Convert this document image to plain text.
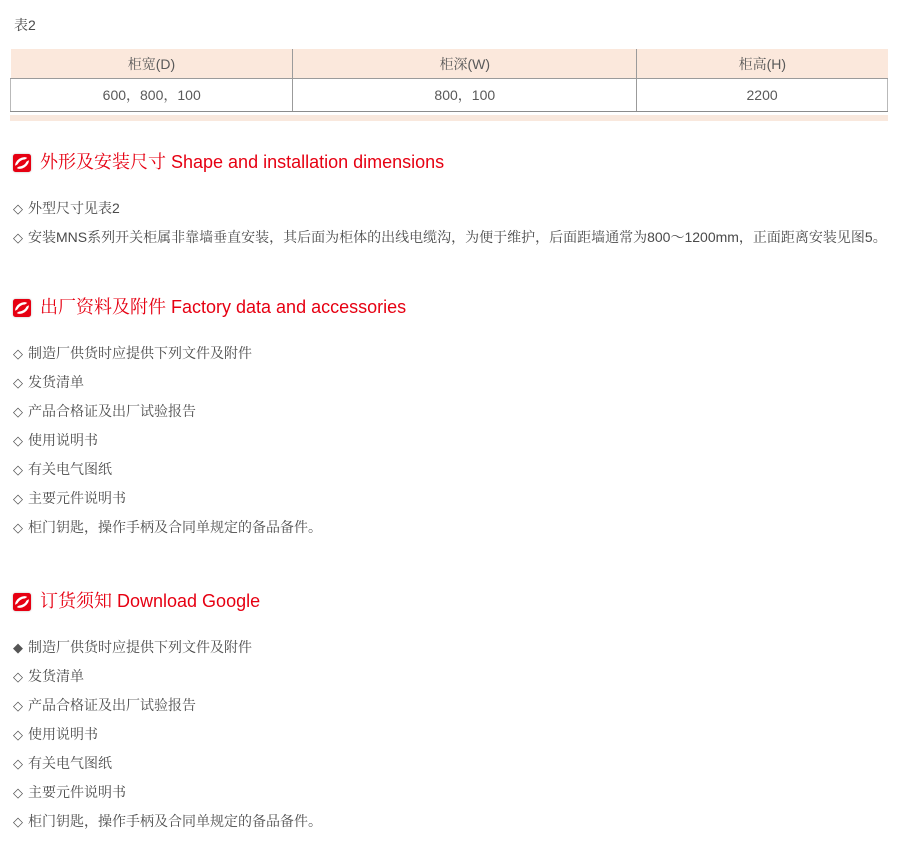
表2
柜宽(D)	柜深(W)	柜高(H)
600，800，100	800，100	2200
外形及安装尺寸 Shape and installation dimensions
◇ 外型尺寸见表2
◇ 安装MNS系列开关柜属非靠墙垂直安装，其后面为柜体的出线电缆沟，为便于维护，后面距墙通常为800～1200mm，正面距离安装见图5。
出厂资料及附件 Factory data and accessories
◇ 制造厂供货时应提供下列文件及附件
◇ 发货清单
◇ 产品合格证及出厂试验报告
◇ 使用说明书
◇ 有关电气图纸
◇ 主要元件说明书
◇ 柜门钥匙，操作手柄及合同单规定的备品备件。
订货须知 Download Google
◆ 制造厂供货时应提供下列文件及附件
◇ 发货清单
◇ 产品合格证及出厂试验报告
◇ 使用说明书
◇ 有关电气图纸
◇ 主要元件说明书
◇ 柜门钥匙，操作手柄及合同单规定的备品备件。
